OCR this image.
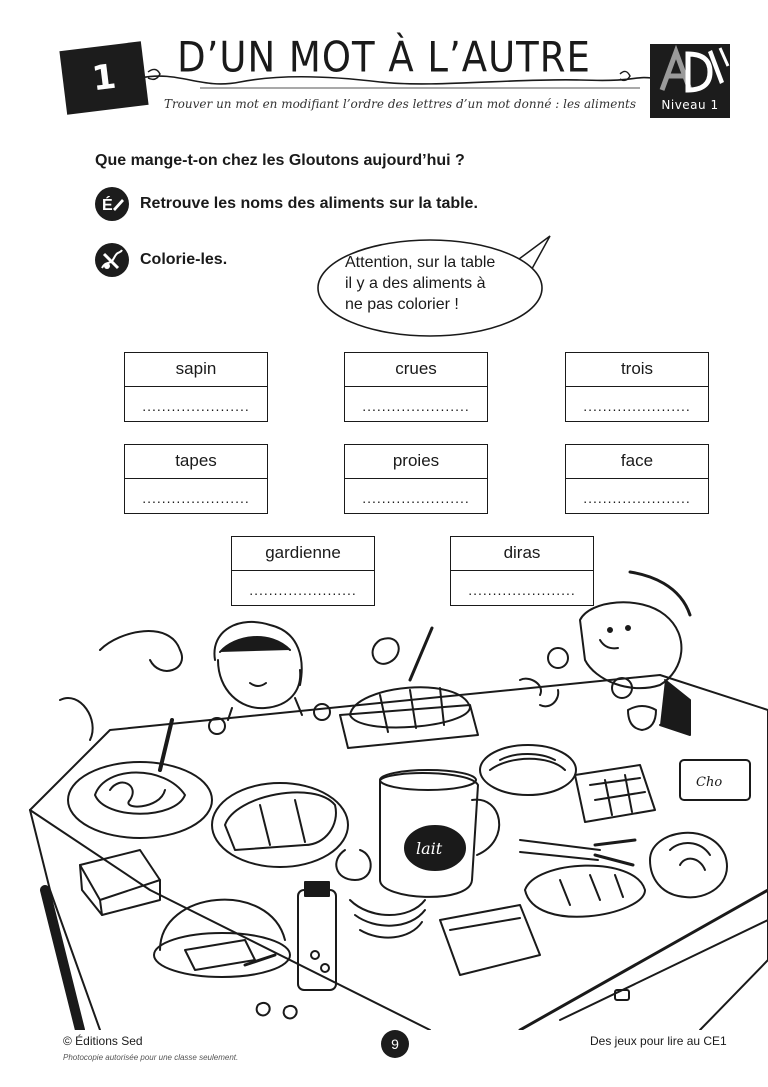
1	D’UN MOT À L’AUTRE
Trouver un mot en modifiant l’ordre des lettres d’un mot donné : les aliments	Niveau 1
Que mange-t-on chez les Gloutons aujourd’hui ?
É Retrouve les noms des aliments sur la table.
Colorie-les.	Attention, sur la table
il y a des aliments à
ne pas colorier !
sapin
......................
crues
......................
trois
......................
tapes
......................
proies
......................
face
......................
gardienne
......................
diras
......................
lait
Cho
© Éditions Sed
Photocopie autorisée pour une classe seulement.
9	Des jeux pour lire au CE1
